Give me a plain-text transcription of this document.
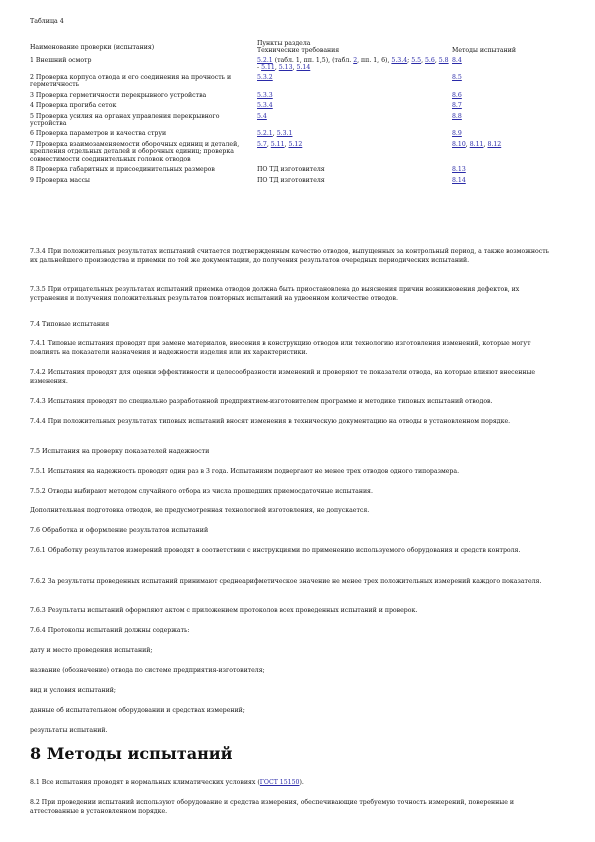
Таблица 4
Наименование проверки (испытания)	Пункты раздела	
	Технические требования	Методы испытаний
1 Внешний осмотр	5.2.1 (табл. 1, пп. 1,5), (табл. 2, пп. 1, 6), 5.3.4; 5.5, 5.6, 5.8 - 5.11, 5.13, 5.14	8.4
2 Проверка корпуса отвода и его соединения на прочность и герметичность	5.3.2	8.5
3 Проверка герметичности перекрывного устройства	5.3.3	8.6
4 Проверка прогиба сеток	5.3.4	8.7
5 Проверка усилия на органах управления перекрывного устройства	5.4	8.8
6 Проверка параметров и качества струи	5.2.1, 5.3.1	8.9
7 Проверка взаимозаменяемости оборочных единиц и деталей, крепления отдельных деталей и оборочных единиц; проверка совместимости соединительных головок отводов	5.7, 5.11, 5.12	8.10, 8.11, 8.12
8 Проверка габаритных и присоединительных размеров	ПО ТД изготовителя	8.13
9 Проверка массы	ПО ТД изготовителя	8.14

7.3.4 При положительных результатах испытаний считается подтвержденным качество отводов, выпущенных за контрольный период, а также возможность их дальнейшего производства и приемки по той же документации, до получения результатов очередных периодических испытаний.

7.3.5 При отрицательных результатах испытаний приемка отводов должна быть приостановлена до выяснения причин возникновения дефектов, их устранения и получения положительных результатов повторных испытаний на удвоенном количестве отводов.

7.4 Типовые испытания

7.4.1 Типовые испытания проводят при замене материалов, внесения в конструкцию отводов или технологию изготовления изменений, которые могут повлиять на показатели назначения и надежности изделия или их характеристики.

7.4.2 Испытания проводят для оценки эффективности и целесообразности изменений и проверяют те показатели отвода, на которые влияют внесенные изменения.

7.4.3 Испытания проводят по специально разработанной предприятием-изготовителем программе и методике типовых испытаний отводов.

7.4.4 При положительных результатах типовых испытаний вносят изменения в техническую документацию на отводы в установленном порядке.

7.5 Испытания на проверку показателей надежности

7.5.1 Испытания на надежность проводят один раз в 3 года. Испытаниям подвергают не менее трех отводов одного типоразмера.

7.5.2 Отводы выбирают методом случайного отбора из числа прошедших приемосдаточные испытания.

Дополнительная подготовка отводов, не предусмотренная технологией изготовления, не допускается.

7.6 Обработка и оформление результатов испытаний

7.6.1 Обработку результатов измерений проводят в соответствии с инструкциями по применению используемого оборудования и средств контроля.

7.6.2 За результаты проведенных испытаний принимают среднеарифметическое значение не менее трех положительных измерений каждого показателя.

7.6.3 Результаты испытаний оформляют актом с приложением протоколов всех проведенных испытаний и проверок.

7.6.4 Протоколы испытаний должны содержать:

дату и место проведения испытаний;

название (обозначение) отвода по системе предприятия-изготовителя;

вид и условия испытаний;

данные об испытательном оборудовании и средствах измерений;

результаты испытаний.

8 Методы испытаний

8.1 Все испытания проводят в нормальных климатических условиях (ГОСТ 15150).

8.2 При проведении испытаний используют оборудование и средства измерения, обеспечивающие требуемую точность измерений, поверенные и аттестованные в установленном порядке.
